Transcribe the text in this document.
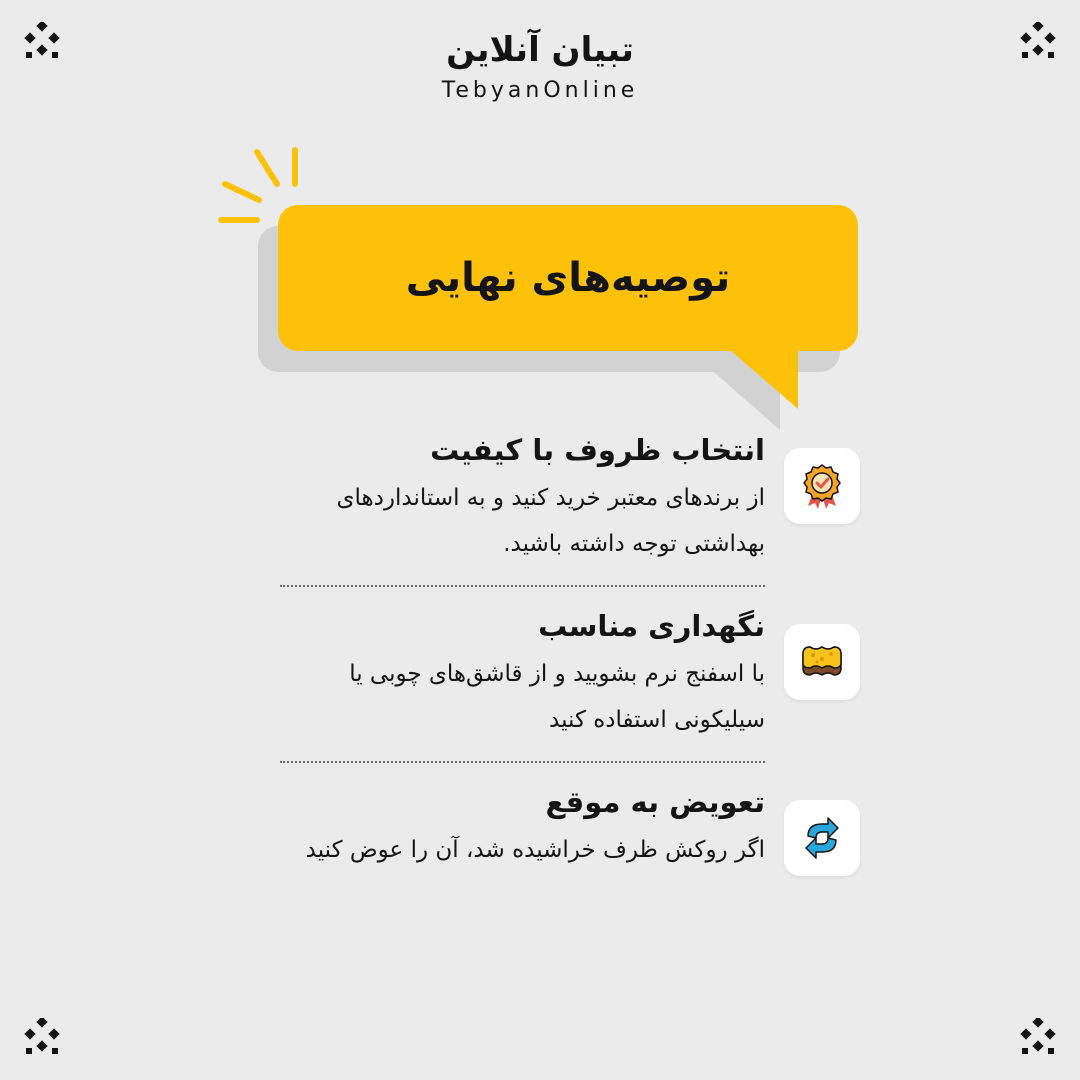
تبیان آنلاین
TebyanOnline
توصیه‌های نهایی
انتخاب ظروف با کیفیت
از برندهای معتبر خرید کنید و به استانداردهای بهداشتی توجه داشته باشید.
نگهداری مناسب
با اسفنج نرم بشویید و از قاشق‌های چوبی یا سیلیکونی استفاده کنید
تعویض به موقع
اگر روکش ظرف خراشیده شد، آن را عوض کنید
